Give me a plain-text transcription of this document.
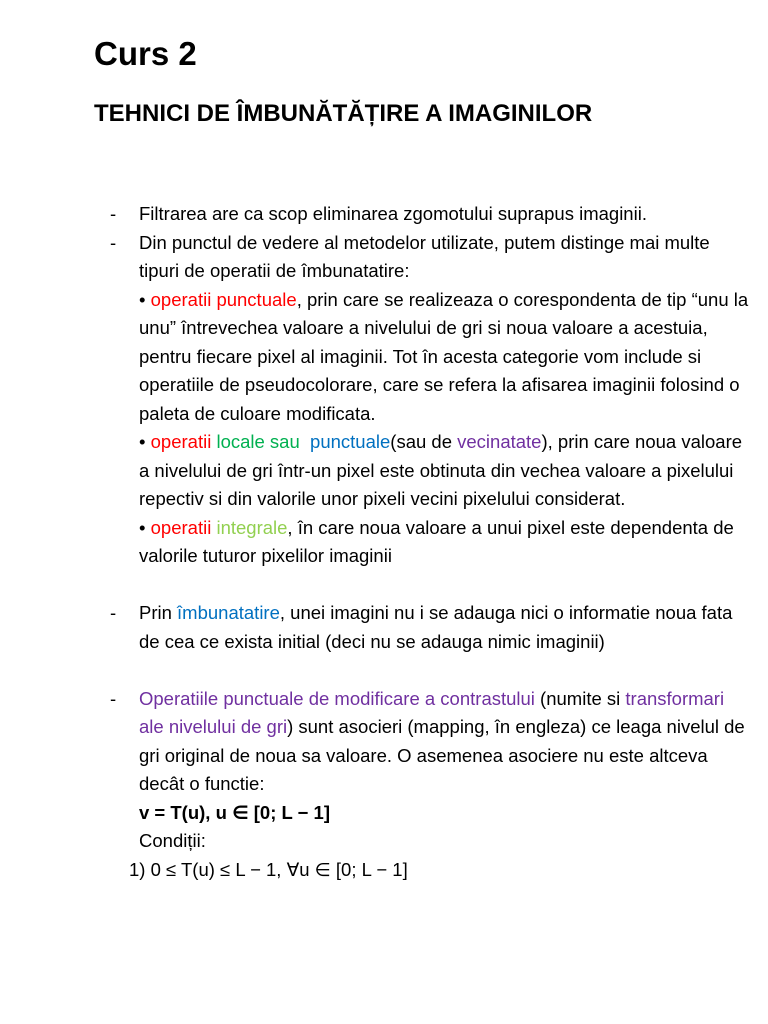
Curs 2
TEHNICI DE ÎMBUNĂTĂȚIRE A IMAGINILOR
- Filtrarea are ca scop eliminarea zgomotului suprapus imaginii.
- Din punctul de vedere al metodelor utilizate, putem distinge mai multe tipuri de operatii de îmbunatatire:
• operatii punctuale, prin care se realizeaza o corespondenta de tip “unu la unu” întrevechea valoare a nivelului de gri si noua valoare a acestuia, pentru fiecare pixel al imaginii. Tot în acesta categorie vom include si operatiile de pseudocolorare, care se refera la afisarea imaginii folosind o paleta de culoare modificata.
• operatii locale sau punctuale(sau de vecinatate), prin care noua valoare a nivelului de gri într-un pixel este obtinuta din vechea valoare a pixelului repectiv si din valorile unor pixeli vecini pixelului considerat.
• operatii integrale, în care noua valoare a unui pixel este dependenta de valorile tuturor pixelilor imaginii
- Prin îmbunatatire, unei imagini nu i se adauga nici o informatie noua fata de cea ce exista initial (deci nu se adauga nimic imaginii)
- Operatiile punctuale de modificare a contrastului (numite si transformari ale nivelului de gri) sunt asocieri (mapping, în engleza) ce leaga nivelul de gri original de noua sa valoare. O asemenea asociere nu este altceva decât o functie:
v = T(u), u ∈ [0; L − 1]
Condiții:
1) 0 ≤ T(u) ≤ L − 1, ∀u ∈ [0; L − 1]
